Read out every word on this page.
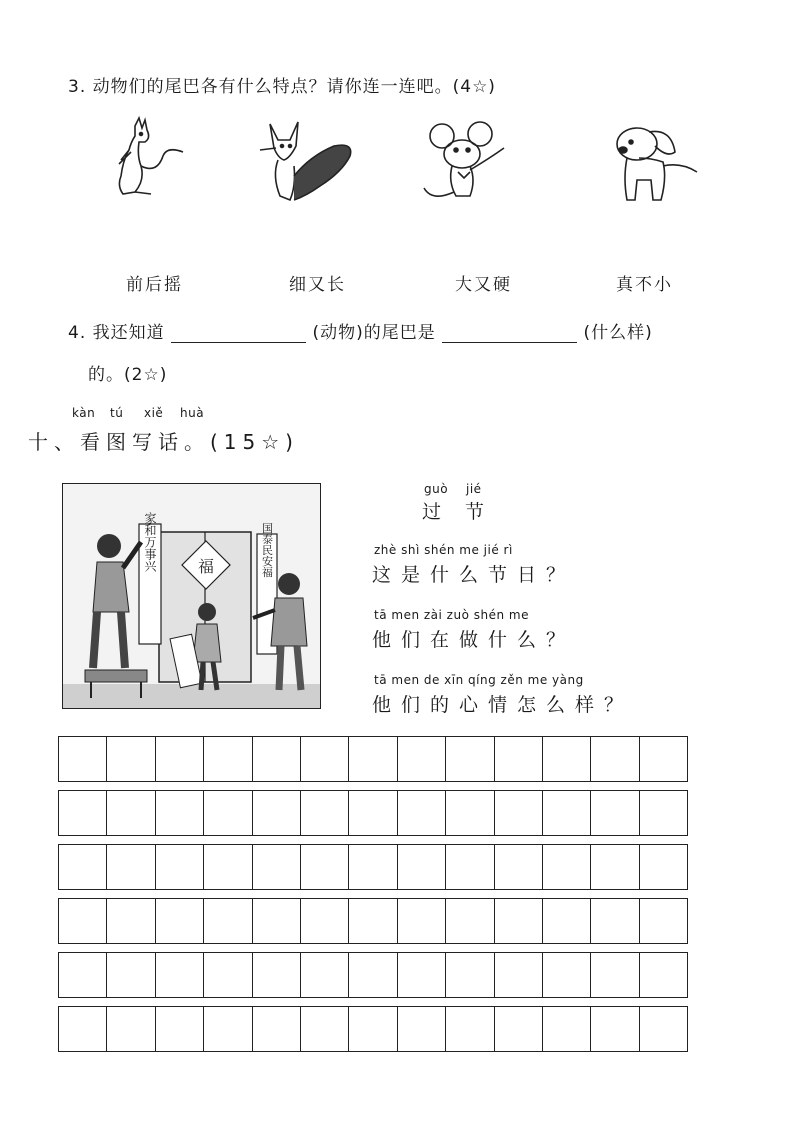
3. 动物们的尾巴各有什么特点？请你连一连吧。(4☆)
前后摇	细又长	大又硬	真不小
4. 我还知道	(动物)的尾巴是	(什么样)
的。(2☆)
kàn tú xiě huà
十、看图写话。(15☆)
福
家和万事兴	国泰民安福
guò jié
过节
zhè shì shén me jié rì
这是什么节日？
tā men zài zuò shén me
他们在做什么？
tā men de xīn qíng zěn me yàng
他们的心情怎么样？
